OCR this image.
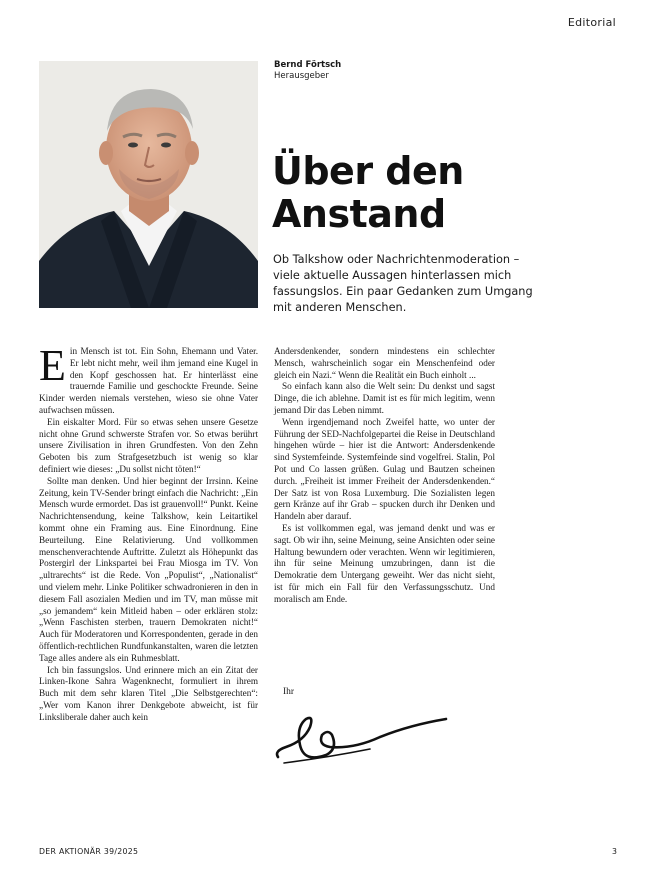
Editorial
Bernd Förtsch
Herausgeber
Über den
Anstand
Ob Talkshow oder Nachrichtenmoderation – viele aktuelle Aussagen hinterlassen mich fassungslos. Ein paar Gedanken zum Umgang mit anderen Menschen.

Ein Mensch ist tot. Ein Sohn, Ehemann und Vater. Er lebt nicht mehr, weil ihm jemand eine Kugel in den Kopf geschossen hat. Er hinterlässt eine trauernde Familie und geschockte Freunde. Seine Kinder werden niemals verstehen, wieso sie ohne Vater aufwachsen müssen.

Ein eiskalter Mord. Für so etwas sehen unsere Gesetze nicht ohne Grund schwerste Strafen vor. So etwas berührt unsere Zivilisation in ihren Grundfesten. Von den Zehn Geboten bis zum Strafgesetzbuch ist wenig so klar definiert wie dieses: „Du sollst nicht töten!“

Sollte man denken. Und hier beginnt der Irrsinn. Keine Zeitung, kein TV-Sender bringt einfach die Nachricht: „Ein Mensch wurde ermordet. Das ist grauenvoll!“ Punkt. Keine Nachrichtensendung, keine Talkshow, kein Leitartikel kommt ohne ein Framing aus. Eine Einordnung. Eine Beurteilung. Eine Relativierung. Und vollkommen menschenverachtende Auftritte. Zuletzt als Höhepunkt das Postergirl der Linkspartei bei Frau Miosga im TV. Von „ultrarechts“ ist die Rede. Von „Populist“, „Nationalist“ und vielem mehr. Linke Politiker schwadronieren in den in diesem Fall asozialen Medien und im TV, man müsse mit „so jemandem“ kein Mitleid haben – oder erklären stolz: „Wenn Faschisten sterben, trauern Demokraten nicht!“ Auch für Moderatoren und Korrespondenten, gerade in den öffentlich-rechtlichen Rundfunkanstalten, waren die letzten Tage alles andere als ein Ruhmesblatt.

Ich bin fassungslos. Und erinnere mich an ein Zitat der Linken-Ikone Sahra Wagenknecht, formuliert in ihrem Buch mit dem sehr klaren Titel „Die Selbstgerechten“: „Wer vom Kanon ihrer Denkgebote abweicht, ist für Linksliberale daher auch kein

Andersdenkender, sondern mindestens ein schlechter Mensch, wahrscheinlich sogar ein Menschenfeind oder gleich ein Nazi.“ Wenn die Realität ein Buch einholt ...

So einfach kann also die Welt sein: Du denkst und sagst Dinge, die ich ablehne. Damit ist es für mich legitim, wenn jemand Dir das Leben nimmt.

Wenn irgendjemand noch Zweifel hatte, wo unter der Führung der SED-Nachfolgepartei die Reise in Deutschland hingehen würde – hier ist die Antwort: Andersdenkende sind Systemfeinde. Systemfeinde sind vogelfrei. Stalin, Pol Pot und Co lassen grüßen. Gulag und Bautzen scheinen durch. „Freiheit ist immer Freiheit der Andersdenkenden.“ Der Satz ist von Rosa Luxemburg. Die Sozialisten legen gern Kränze auf ihr Grab – spucken durch ihr Denken und Handeln aber darauf.

Es ist vollkommen egal, was jemand denkt und was er sagt. Ob wir ihn, seine Meinung, seine Ansichten oder seine Haltung bewundern oder verachten. Wenn wir legitimieren, ihn für seine Meinung umzubringen, dann ist die Demokratie dem Untergang geweiht. Wer das nicht sieht, ist für mich ein Fall für den Verfassungsschutz. Und moralisch am Ende.

Ihr
DER AKTIONÄR 39/2025	3
